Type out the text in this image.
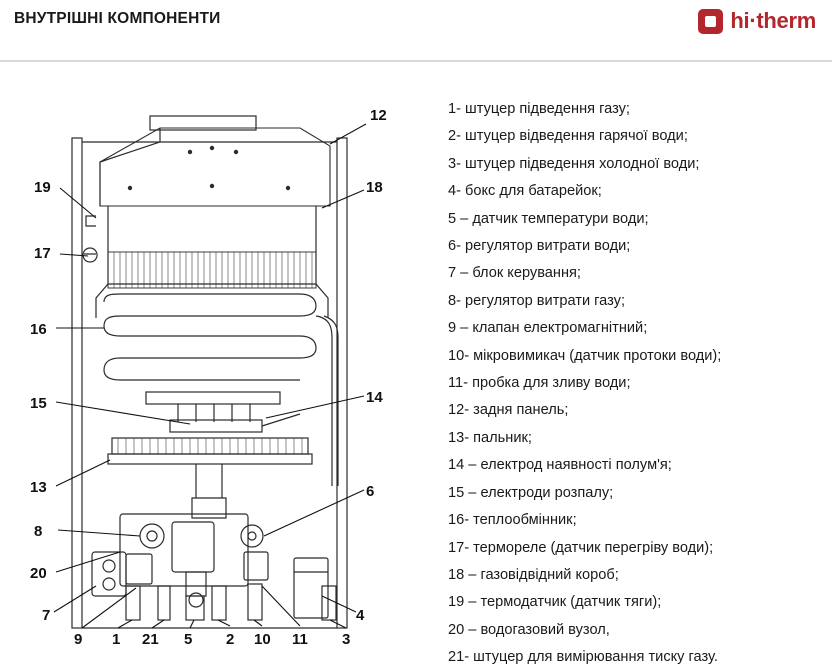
ВНУТРІШНІ КОМПОНЕНТИ	hi·therm
12
19	18
17
16
15	14
13	6
8
20
7
9 1 21 5 2 10 11
4
3
1- штуцер підведення газу;
2- штуцер відведення гарячої води;
3- штуцер підведення холодної води;
4- бокс для батарейок;
5 – датчик температури води;
6- регулятор витрати води;
7 – блок керування;
8- регулятор витрати газу;
9 – клапан електромагнітний;
10- мікровимикач (датчик протоки води);
11- пробка для зливу води;
12- задня панель;
13- пальник;
14 – електрод наявності полум'я;
15 – електроди розпалу;
16- теплообмінник;
17- термореле (датчик перегріву води);
18 – газовідвідний короб;
19 – термодатчик (датчик тяги);
20 – водогазовий вузол,
21- штуцер для вимірювання тиску газу.
